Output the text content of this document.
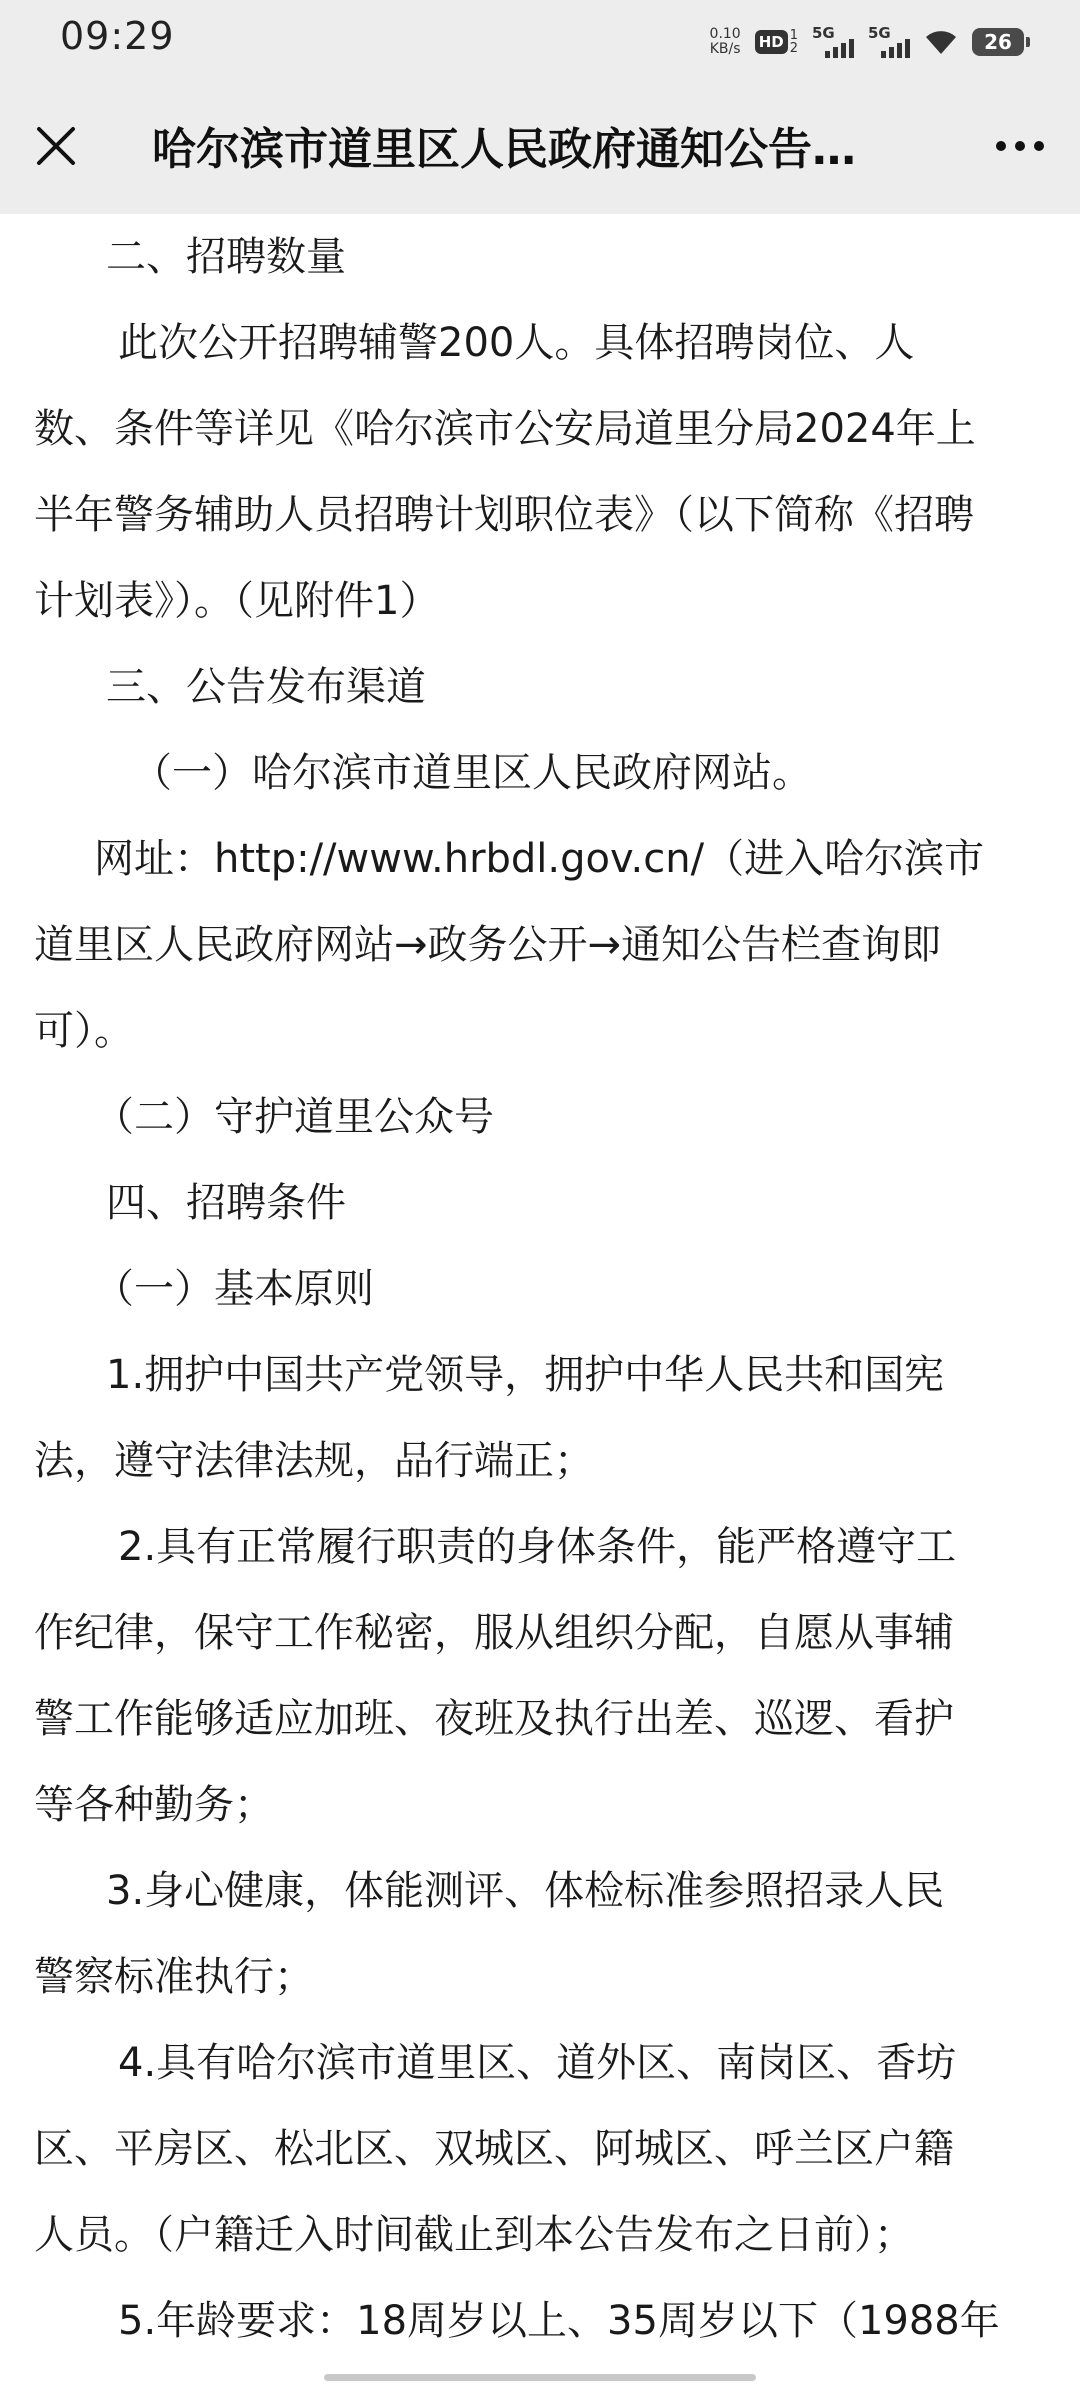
09:29	0.10
KB/s HD 1
2
5G 5G	26
哈尔滨市道里区人民政府通知公告…

二、招聘数量

此次公开招聘辅警200人。具体招聘岗位、人

数、条件等详见《哈尔滨市公安局道里分局2024年上

半年警务辅助人员招聘计划职位表》（以下简称《招聘

计划表》）。（见附件1）

三、公告发布渠道

（一）哈尔滨市道里区人民政府网站。

网址：http://www.hrbdl.gov.cn/（进入哈尔滨市

道里区人民政府网站→政务公开→通知公告栏查询即

可）。

（二）守护道里公众号

四、招聘条件

（一）基本原则

1.拥护中国共产党领导，拥护中华人民共和国宪

法，遵守法律法规，品行端正；

2.具有正常履行职责的身体条件，能严格遵守工

作纪律，保守工作秘密，服从组织分配，自愿从事辅

警工作能够适应加班、夜班及执行出差、巡逻、看护

等各种勤务；

3.身心健康，体能测评、体检标准参照招录人民

警察标准执行；

4.具有哈尔滨市道里区、道外区、南岗区、香坊

区、平房区、松北区、双城区、阿城区、呼兰区户籍

人员。（户籍迁入时间截止到本公告发布之日前）；

5.年龄要求：18周岁以上、35周岁以下（1988年
